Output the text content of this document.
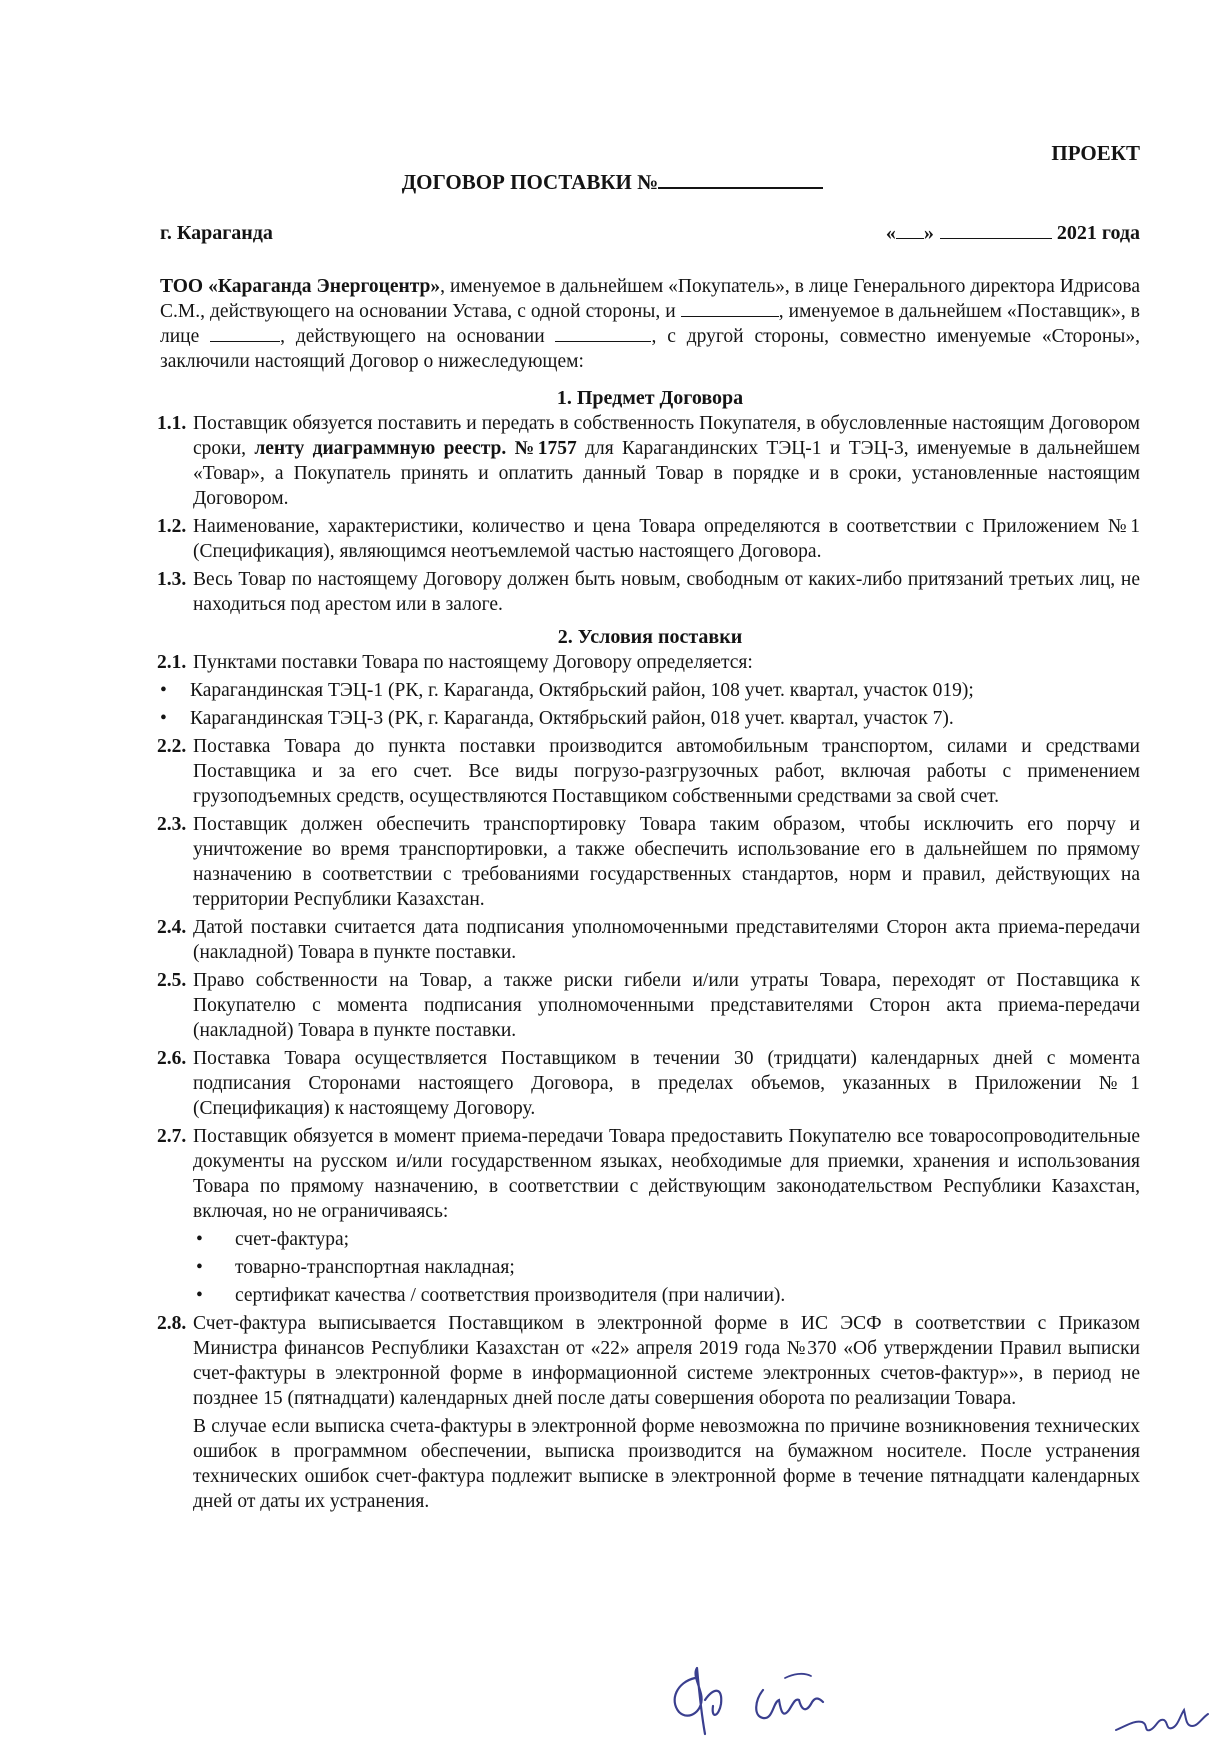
ПРОЕКТ
ДОГОВОР ПОСТАВКИ №
г. Караганда	« »	2021 года

ТОО «Караганда Энергоцентр», именуемое в дальнейшем «Покупатель», в лице Генерального директора Идрисова С.М., действующего на основании Устава, с одной стороны, и	, именуемое в дальнейшем «Поставщик», в лице	, действующего на основании	, с другой стороны, совместно именуемые «Стороны», заключили настоящий Договор о нижеследующем:

1. Предмет Договора
1.1. Поставщик обязуется поставить и передать в собственность Покупателя, в обусловленные настоящим Договором сроки, ленту диаграммную реестр. №1757 для Карагандинских ТЭЦ-1 и ТЭЦ-3, именуемые в дальнейшем «Товар», а Покупатель принять и оплатить данный Товар в порядке и в сроки, установленные настоящим Договором.
1.2. Наименование, характеристики, количество и цена Товара определяются в соответствии с Приложением №1 (Спецификация), являющимся неотъемлемой частью настоящего Договора.
1.3. Весь Товар по настоящему Договору должен быть новым, свободным от каких-либо притязаний третьих лиц, не находиться под арестом или в залоге.
2. Условия поставки
2.1. Пунктами поставки Товара по настоящему Договору определяется:
• Карагандинская ТЭЦ-1 (РК, г. Караганда, Октябрьский район, 108 учет. квартал, участок 019);
• Карагандинская ТЭЦ-3 (РК, г. Караганда, Октябрьский район, 018 учет. квартал, участок 7).
2.2. Поставка Товара до пункта поставки производится автомобильным транспортом, силами и средствами Поставщика и за его счет. Все виды погрузо-разгрузочных работ, включая работы с применением грузоподъемных средств, осуществляются Поставщиком собственными средствами за свой счет.
2.3. Поставщик должен обеспечить транспортировку Товара таким образом, чтобы исключить его порчу и уничтожение во время транспортировки, а также обеспечить использование его в дальнейшем по прямому назначению в соответствии с требованиями государственных стандартов, норм и правил, действующих на территории Республики Казахстан.
2.4. Датой поставки считается дата подписания уполномоченными представителями Сторон акта приема-передачи (накладной) Товара в пункте поставки.
2.5. Право собственности на Товар, а также риски гибели и/или утраты Товара, переходят от Поставщика к Покупателю с момента подписания уполномоченными представителями Сторон акта приема-передачи (накладной) Товара в пункте поставки.
2.6. Поставка Товара осуществляется Поставщиком в течении 30 (тридцати) календарных дней с момента подписания Сторонами настоящего Договора, в пределах объемов, указанных в Приложении №1 (Спецификация) к настоящему Договору.
2.7. Поставщик обязуется в момент приема-передачи Товара предоставить Покупателю все товаросопроводительные документы на русском и/или государственном языках, необходимые для приемки, хранения и использования Товара по прямому назначению, в соответствии с действующим законодательством Республики Казахстан, включая, но не ограничиваясь:
• счет-фактура;
• товарно-транспортная накладная;
• сертификат качества / соответствия производителя (при наличии).
2.8. Счет-фактура выписывается Поставщиком в электронной форме в ИС ЭСФ в соответствии с Приказом Министра финансов Республики Казахстан от «22» апреля 2019 года №370 «Об утверждении Правил выписки счет-фактуры в электронной форме в информационной системе электронных счетов-фактур»», в период не позднее 15 (пятнадцати) календарных дней после даты совершения оборота по реализации Товара.
В случае если выписка счета-фактуры в электронной форме невозможна по причине возникновения технических ошибок в программном обеспечении, выписка производится на бумажном носителе. После устранения технических ошибок счет-фактура подлежит выписке в электронной форме в течение пятнадцати календарных дней от даты их устранения.
